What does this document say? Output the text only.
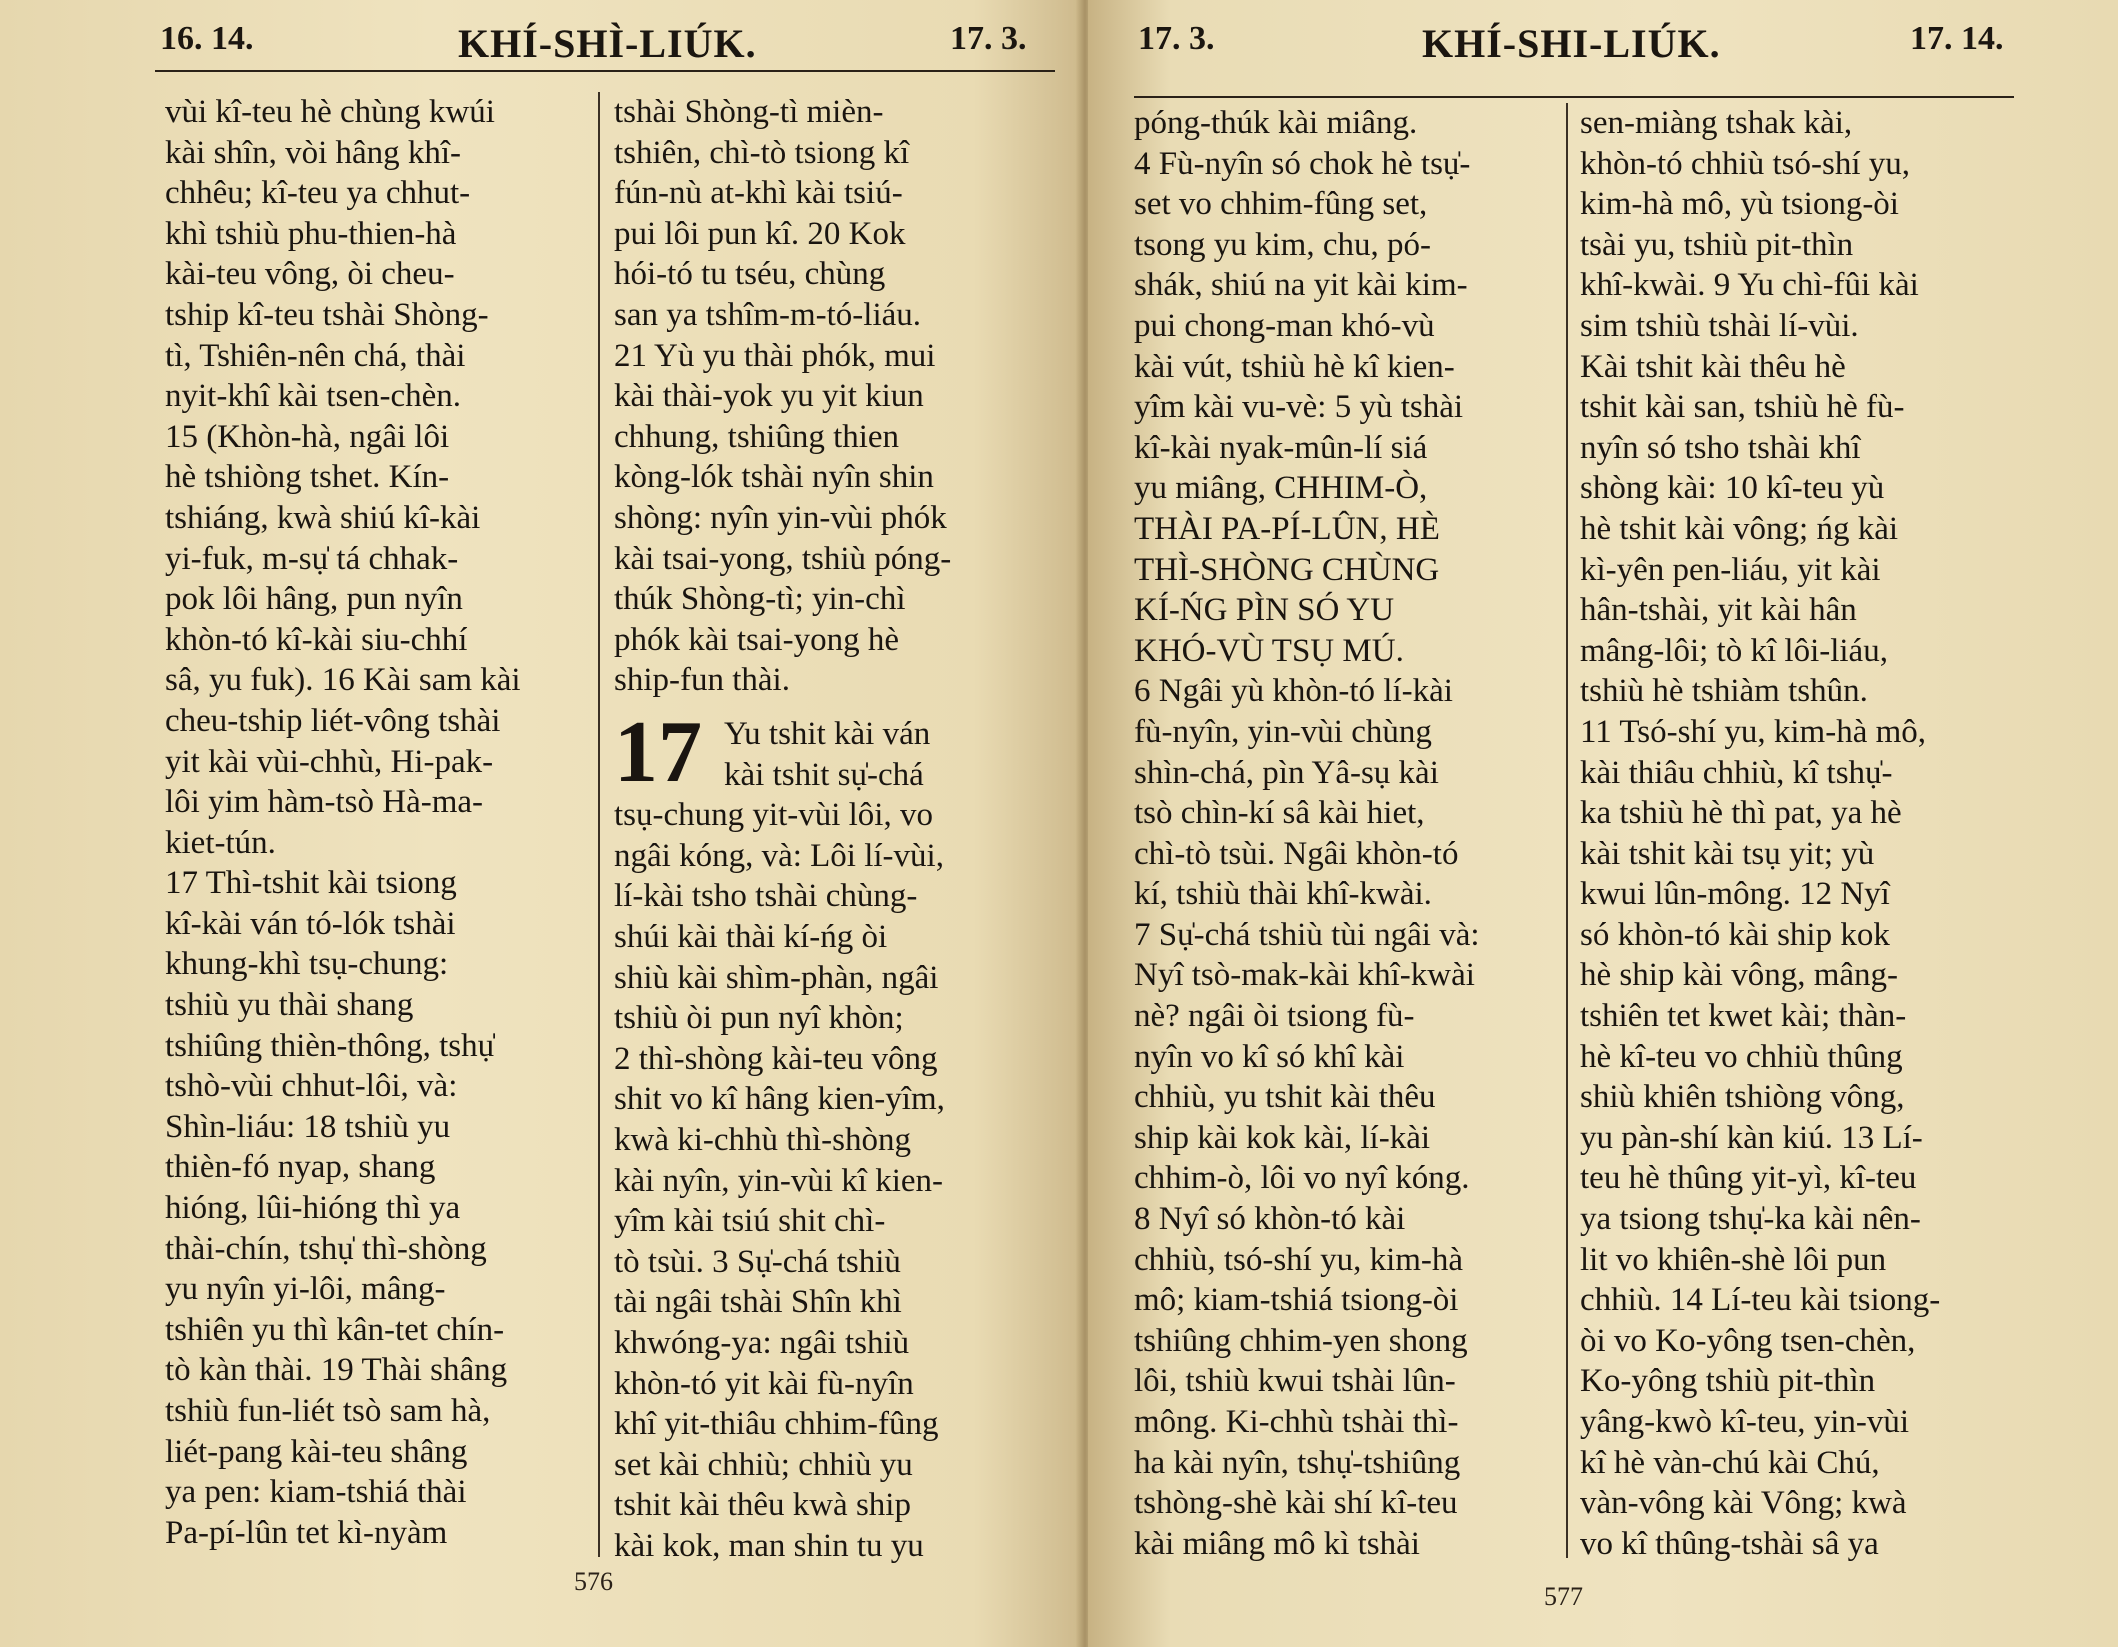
16. 14.	KHÍ-SHÌ-LIÚK.	17. 3.
vùi kî-teu hè chùng kwúi
kài shîn, vòi hâng khî-
chhêu; kî-teu ya chhut-
khì tshiù phu-thien-hà
kài-teu vông, òi cheu-
tship kî-teu tshài Shòng-
tì, Tshiên-nên chá, thài
nyit-khî kài tsen-chèn.
15 (Khòn-hà, ngâi lôi
hè tshiòng tshet. Kín-
tshiáng, kwà shiú kî-kài
yi-fuk, m-sụ̍ tá chhak-
pok lôi hâng, pun nyîn
khòn-tó kî-kài siu-chhí
sâ, yu fuk). 16 Kài sam kài
cheu-tship liét-vông tshài
yit kài vùi-chhù, Hi-pak-
lôi yim hàm-tsò Hà-ma-
kiet-tún.
17 Thì-tshit kài tsiong
kî-kài ván tó-lók tshài
khung-khì tsụ-chung:
tshiù yu thài shang
tshiûng thièn-thông, tshụ̍
tshò-vùi chhut-lôi, và:
Shìn-liáu: 18 tshiù yu
thièn-fó nyap, shang
hióng, lûi-hióng thì ya
thài-chín, tshụ̍ thì-shòng
yu nyîn yi-lôi, mâng-
tshiên yu thì kân-tet chín-
tò kàn thài. 19 Thài shâng
tshiù fun-liét tsò sam hà,
liét-pang kài-teu shâng
ya pen: kiam-tshiá thài
Pa-pí-lûn tet kì-nyàm
tshài Shòng-tì mièn-
tshiên, chì-tò tsiong kî
fún-nù at-khì kài tsiú-
pui lôi pun kî. 20 Kok
hói-tó tu tséu, chùng
san ya tshîm-m-tó-liáu.
21 Yù yu thài phók, mui
kài thài-yok yu yit kiun
chhung, tshiûng thien
kòng-lók tshài nyîn shin
shòng: nyîn yin-vùi phók
kài tsai-yong, tshiù póng-
thúk Shòng-tì; yin-chì
phók kài tsai-yong hè
ship-fun thài.
17 Yu tshit kài ván
kài tshit sụ̍-chá
tsụ-chung yit-vùi lôi, vo
ngâi kóng, và: Lôi lí-vùi,
lí-kài tsho tshài chùng-
shúi kài thài kí-ńg òi
shiù kài shìm-phàn, ngâi
tshiù òi pun nyî khòn;
2 thì-shòng kài-teu vông
shit vo kî hâng kien-yîm,
kwà ki-chhù thì-shòng
kài nyîn, yin-vùi kî kien-
yîm kài tsiú shit chì-
tò tsùi. 3 Sụ̍-chá tshiù
tài ngâi tshài Shîn khì
khwóng-ya: ngâi tshiù
khòn-tó yit kài fù-nyîn
khî yit-thiâu chhim-fûng
set kài chhiù; chhiù yu
tshit kài thêu kwà ship
kài kok, man shin tu yu
576
17. 3.	KHÍ-SHI-LIÚK.	17. 14.
póng-thúk kài miâng.
4 Fù-nyîn só chok hè tsụ̍-
set vo chhim-fûng set,
tsong yu kim, chu, pó-
shák, shiú na yit kài kim-
pui chong-man khó-vù
kài vút, tshiù hè kî kien-
yîm kài vu-vè: 5 yù tshài
kî-kài nyak-mûn-lí siá
yu miâng, CHHIM-Ò,
THÀI PA-PÍ-LÛN, HÈ
THÌ-SHÒNG CHÙNG
KÍ-ŃG PÌN SÓ YU
KHÓ-VÙ TSỤ MÚ.
6 Ngâi yù khòn-tó lí-kài
fù-nyîn, yin-vùi chùng
shìn-chá, pìn Yâ-sụ kài
tsò chìn-kí sâ kài hiet,
chì-tò tsùi. Ngâi khòn-tó
kí, tshiù thài khî-kwài.
7 Sụ̍-chá tshiù tùi ngâi và:
Nyî tsò-mak-kài khî-kwài
nè? ngâi òi tsiong fù-
nyîn vo kî só khî kài
chhiù, yu tshit kài thêu
ship kài kok kài, lí-kài
chhim-ò, lôi vo nyî kóng.
8 Nyî só khòn-tó kài
chhiù, tsó-shí yu, kim-hà
mô; kiam-tshiá tsiong-òi
tshiûng chhim-yen shong
lôi, tshiù kwui tshài lûn-
mông. Ki-chhù tshài thì-
ha kài nyîn, tshụ̍-tshiûng
tshòng-shè kài shí kî-teu
kài miâng mô kì tshài
sen-miàng tshak kài,
khòn-tó chhiù tsó-shí yu,
kim-hà mô, yù tsiong-òi
tsài yu, tshiù pit-thìn
khî-kwài. 9 Yu chì-fûi kài
sim tshiù tshài lí-vùi.
Kài tshit kài thêu hè
tshit kài san, tshiù hè fù-
nyîn só tsho tshài khî
shòng kài: 10 kî-teu yù
hè tshit kài vông; ńg kài
kì-yên pen-liáu, yit kài
hân-tshài, yit kài hân
mâng-lôi; tò kî lôi-liáu,
tshiù hè tshiàm tshûn.
11 Tsó-shí yu, kim-hà mô,
kài thiâu chhiù, kî tshụ̍-
ka tshiù hè thì pat, ya hè
kài tshit kài tsụ yit; yù
kwui lûn-mông. 12 Nyî
só khòn-tó kài ship kok
hè ship kài vông, mâng-
tshiên tet kwet kài; thàn-
hè kî-teu vo chhiù thûng
shiù khiên tshiòng vông,
yu pàn-shí kàn kiú. 13 Lí-
teu hè thûng yit-yì, kî-teu
ya tsiong tshụ̍-ka kài nên-
lit vo khiên-shè lôi pun
chhiù. 14 Lí-teu kài tsiong-
òi vo Ko-yông tsen-chèn,
Ko-yông tshiù pit-thìn
yâng-kwò kî-teu, yin-vùi
kî hè vàn-chú kài Chú,
vàn-vông kài Vông; kwà
vo kî thûng-tshài sâ ya
577
